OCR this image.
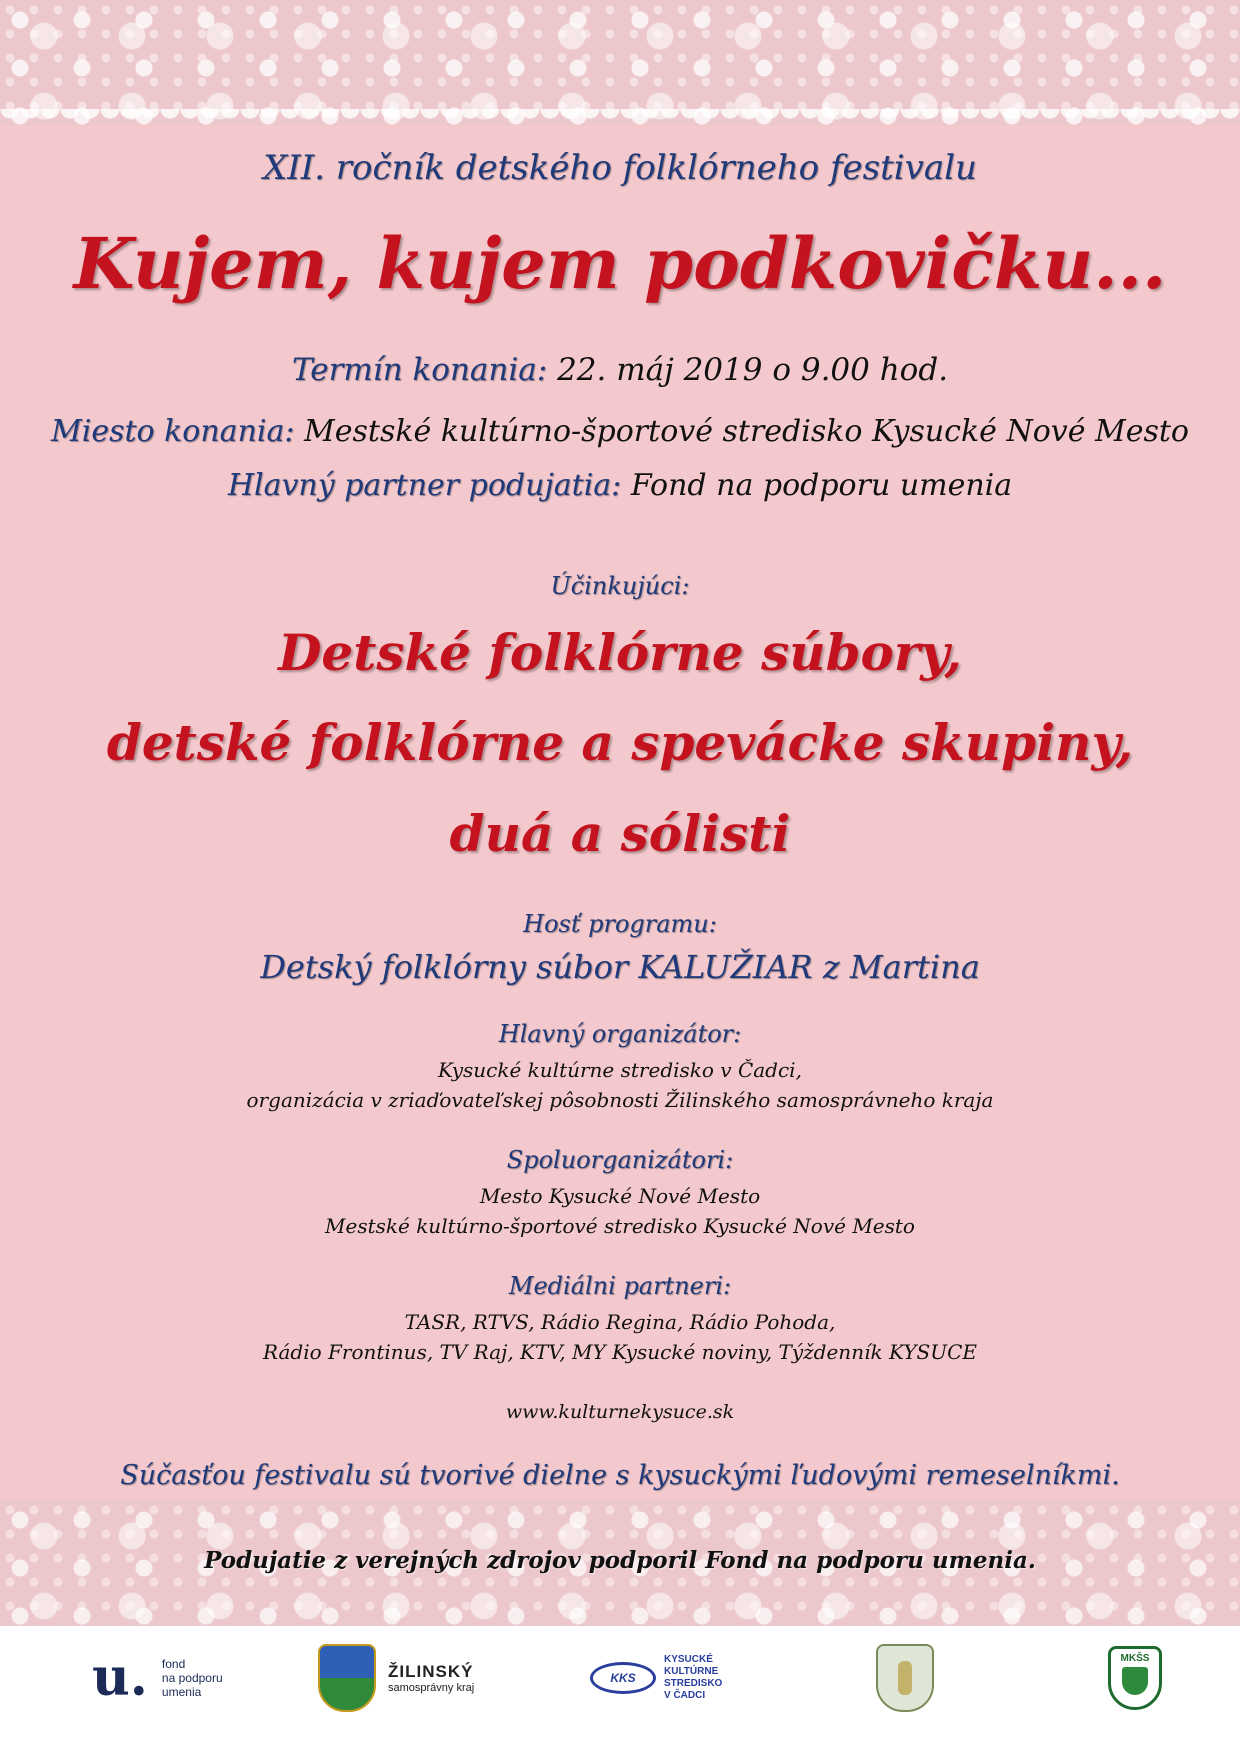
XII. ročník detského folklórneho festivalu

Kujem, kujem podkovičku...

Termín konania: 22. máj 2019 o 9.00 hod.

Miesto konania: Mestské kultúrno-športové stredisko Kysucké Nové Mesto

Hlavný partner podujatia: Fond na podporu umenia

Účinkujúci:

Detské folklórne súbory,

detské folklórne a spevácke skupiny,

duá a sólisti

Hosť programu:

Detský folklórny súbor KALUŽIAR z Martina

Hlavný organizátor:

Kysucké kultúrne stredisko v Čadci,

organizácia v zriaďovateľskej pôsobnosti Žilinského samosprávneho kraja

Spoluorganizátori:

Mesto Kysucké Nové Mesto

Mestské kultúrno-športové stredisko Kysucké Nové Mesto

Mediálni partneri:

TASR, RTVS, Rádio Regina, Rádio Pohoda,

Rádio Frontinus, TV Raj, KTV, MY Kysucké noviny, Týždenník KYSUCE

www.kulturnekysuce.sk

Súčasťou festivalu sú tvorivé dielne s kysuckými ľudovými remeselníkmi.

Podujatie z verejných zdrojov podporil Fond na podporu umenia.

u. fond
na podporu
umenia
ŽILINSKÝ
samosprávny kraj
KKS
KYSUCKÉ
KULTÚRNE
STREDISKO
V ČADCI
MKŠS
